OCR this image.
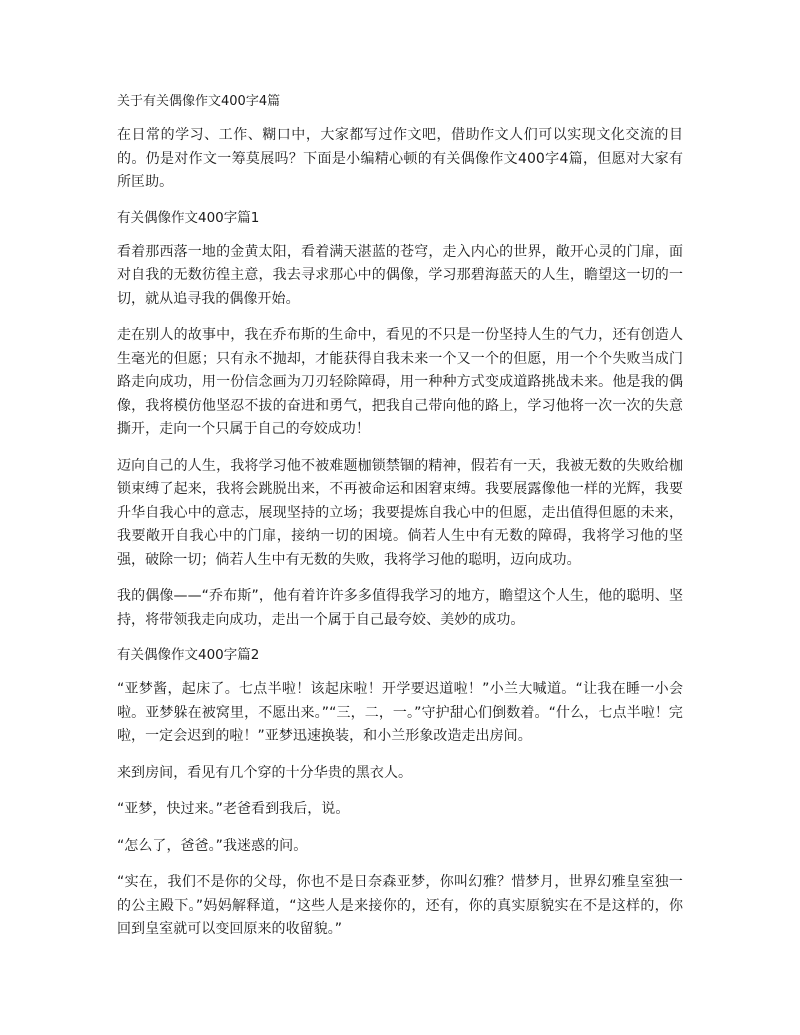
关于有关偶像作文400字4篇

在日常的学习、工作、糊口中，大家都写过作文吧，借助作文人们可以实现文化交流的目的。仍是对作文一筹莫展吗？下面是小编精心顿的有关偶像作文400字4篇，但愿对大家有所匡助。

有关偶像作文400字篇1

看着那西落一地的金黄太阳，看着满天湛蓝的苍穹，走入内心的世界，敞开心灵的门扉，面对自我的无数彷徨主意，我去寻求那心中的偶像，学习那碧海蓝天的人生，瞻望这一切的一切，就从追寻我的偶像开始。

走在别人的故事中，我在乔布斯的生命中，看见的不只是一份坚持人生的气力，还有创造人生毫光的但愿；只有永不抛却，才能获得自我未来一个又一个的但愿，用一个个失败当成门路走向成功，用一份信念画为刀刃轻除障碍，用一种种方式变成道路挑战未来。他是我的偶像，我将模仿他坚忍不拔的奋进和勇气，把我自己带向他的路上，学习他将一次一次的失意撕开，走向一个只属于自己的夸姣成功！

迈向自己的人生，我将学习他不被难题枷锁禁锢的精神，假若有一天，我被无数的失败给枷锁束缚了起来，我将会跳脱出来，不再被命运和困窘束缚。我要展露像他一样的光辉，我要升华自我心中的意志，展现坚持的立场；我要提炼自我心中的但愿，走出值得但愿的未来，我要敞开自我心中的门扉，接纳一切的困境。倘若人生中有无数的障碍，我将学习他的坚强，破除一切；倘若人生中有无数的失败，我将学习他的聪明，迈向成功。

我的偶像——“乔布斯”，他有着许许多多值得我学习的地方，瞻望这个人生，他的聪明、坚持，将带领我走向成功，走出一个属于自己最夸姣、美妙的成功。

有关偶像作文400字篇2

“亚梦酱，起床了。七点半啦！该起床啦！开学要迟道啦！”小兰大喊道。“让我在睡一小会啦。亚梦躲在被窝里，不愿出来。”“三，二，一。”守护甜心们倒数着。“什么，七点半啦！完啦，一定会迟到的啦！”亚梦迅速换装，和小兰形象改造走出房间。

来到房间，看见有几个穿的十分华贵的黑衣人。

“亚梦，快过来。”老爸看到我后，说。

“怎么了，爸爸。”我迷惑的问。

“实在，我们不是你的父母，你也不是日奈森亚梦，你叫幻雅？惜梦月，世界幻雅皇室独一的公主殿下。”妈妈解释道，“这些人是来接你的，还有，你的真实原貌实在不是这样的，你回到皇室就可以变回原来的收留貌。”
